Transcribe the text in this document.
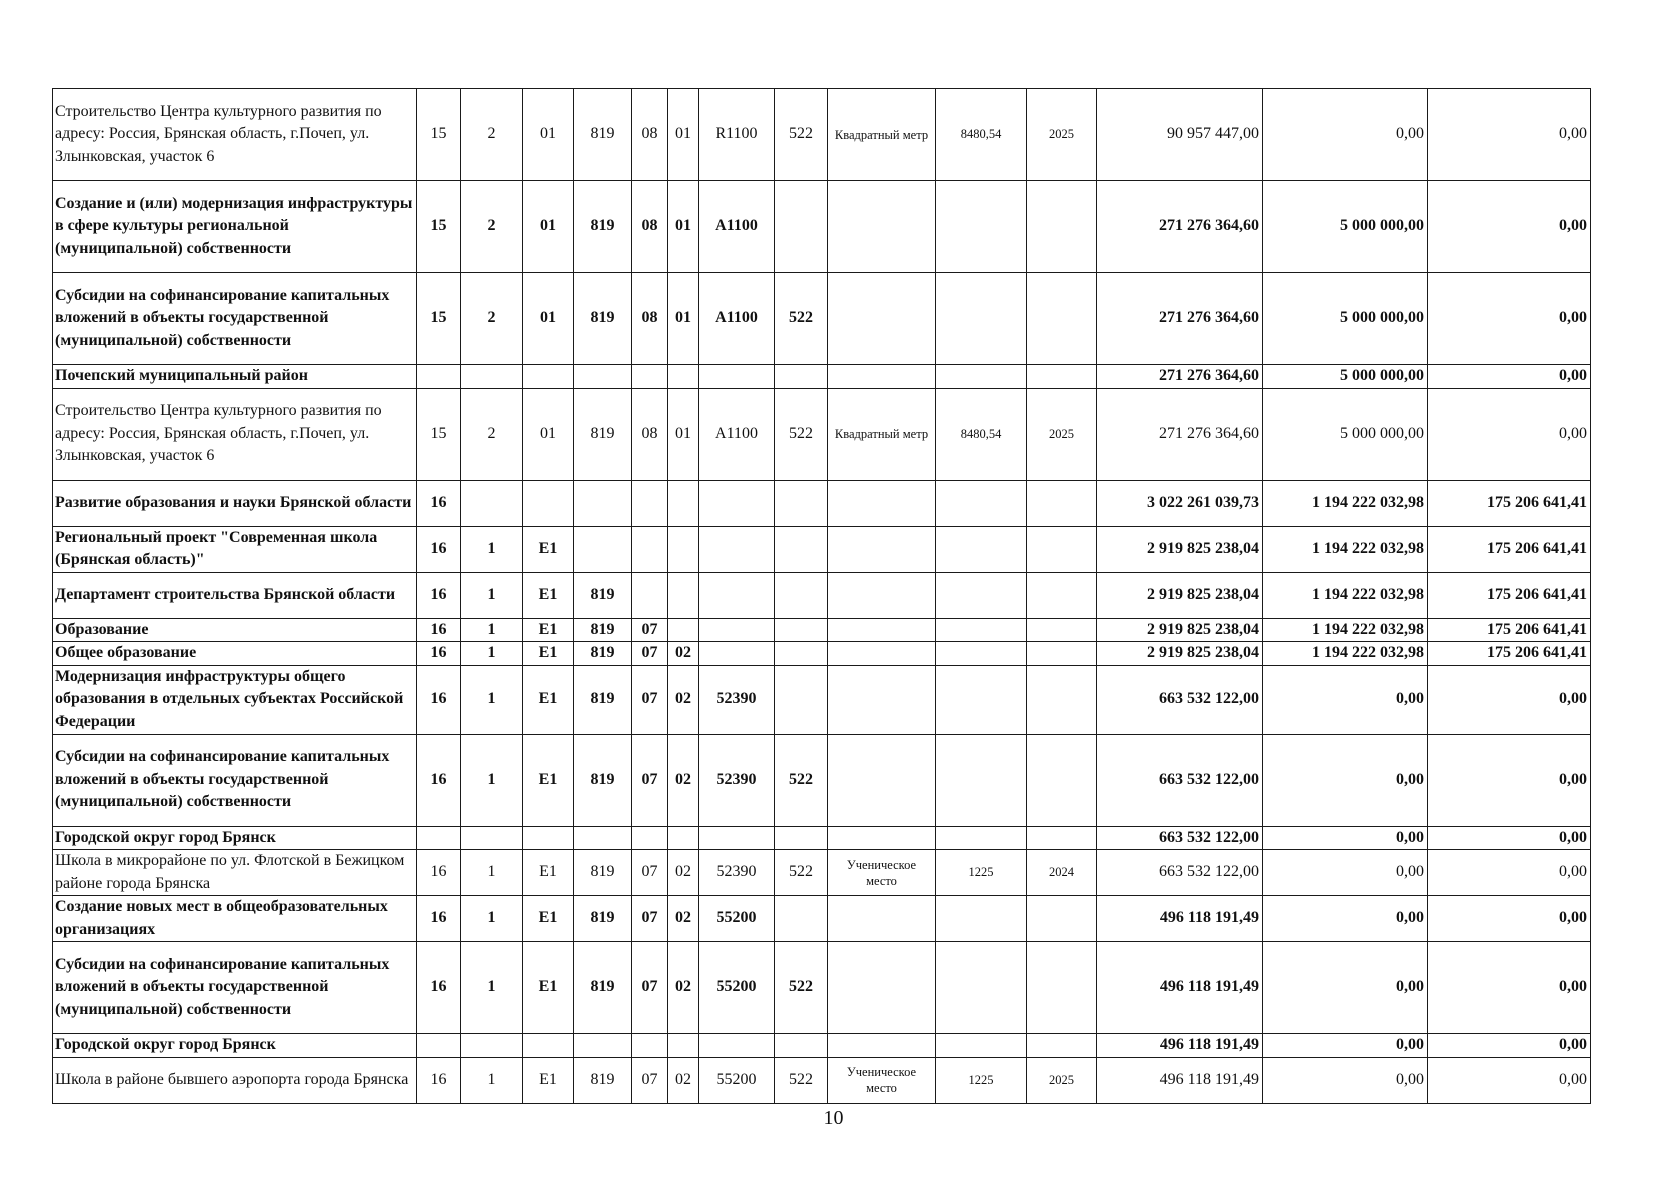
Строительство Центра культурного развития по адресу: Россия, Брянская область, г.Почеп, ул. Злынковская, участок 6	15	2	01	819	08	01	R1100	522	Квадратный метр	8480,54	2025	90 957 447,00	0,00	0,00
Создание и (или) модернизация инфраструктуры в сфере культуры региональной (муниципальной) собственности	15	2	01	819	08	01	A1100					271 276 364,60	5 000 000,00	0,00
Субсидии на софинансирование капитальных вложений в объекты государственной (муниципальной) собственности	15	2	01	819	08	01	A1100	522				271 276 364,60	5 000 000,00	0,00
Почепский муниципальный район												271 276 364,60	5 000 000,00	0,00
Строительство Центра культурного развития по адресу: Россия, Брянская область, г.Почеп, ул. Злынковская, участок 6	15	2	01	819	08	01	A1100	522	Квадратный метр	8480,54	2025	271 276 364,60	5 000 000,00	0,00
Развитие образования и науки Брянской области	16											3 022 261 039,73	1 194 222 032,98	175 206 641,41
Региональный проект "Современная школа (Брянская область)"	16	1	E1									2 919 825 238,04	1 194 222 032,98	175 206 641,41
Департамент строительства Брянской области	16	1	E1	819								2 919 825 238,04	1 194 222 032,98	175 206 641,41
Образование	16	1	E1	819	07							2 919 825 238,04	1 194 222 032,98	175 206 641,41
Общее образование	16	1	E1	819	07	02						2 919 825 238,04	1 194 222 032,98	175 206 641,41
Модернизация инфраструктуры общего образования в отдельных субъектах Российской Федерации	16	1	E1	819	07	02	52390					663 532 122,00	0,00	0,00
Субсидии на софинансирование капитальных вложений в объекты государственной (муниципальной) собственности	16	1	E1	819	07	02	52390	522				663 532 122,00	0,00	0,00
Городской округ город Брянск												663 532 122,00	0,00	0,00
Школа в микрорайоне по ул. Флотской в Бежицком районе города Брянска	16	1	E1	819	07	02	52390	522	Ученическое место	1225	2024	663 532 122,00	0,00	0,00
Создание новых мест в общеобразовательных организациях	16	1	E1	819	07	02	55200					496 118 191,49	0,00	0,00
Субсидии на софинансирование капитальных вложений в объекты государственной (муниципальной) собственности	16	1	E1	819	07	02	55200	522				496 118 191,49	0,00	0,00
Городской округ город Брянск												496 118 191,49	0,00	0,00
Школа в районе бывшего аэропорта города Брянска	16	1	E1	819	07	02	55200	522	Ученическое место	1225	2025	496 118 191,49	0,00	0,00
10
